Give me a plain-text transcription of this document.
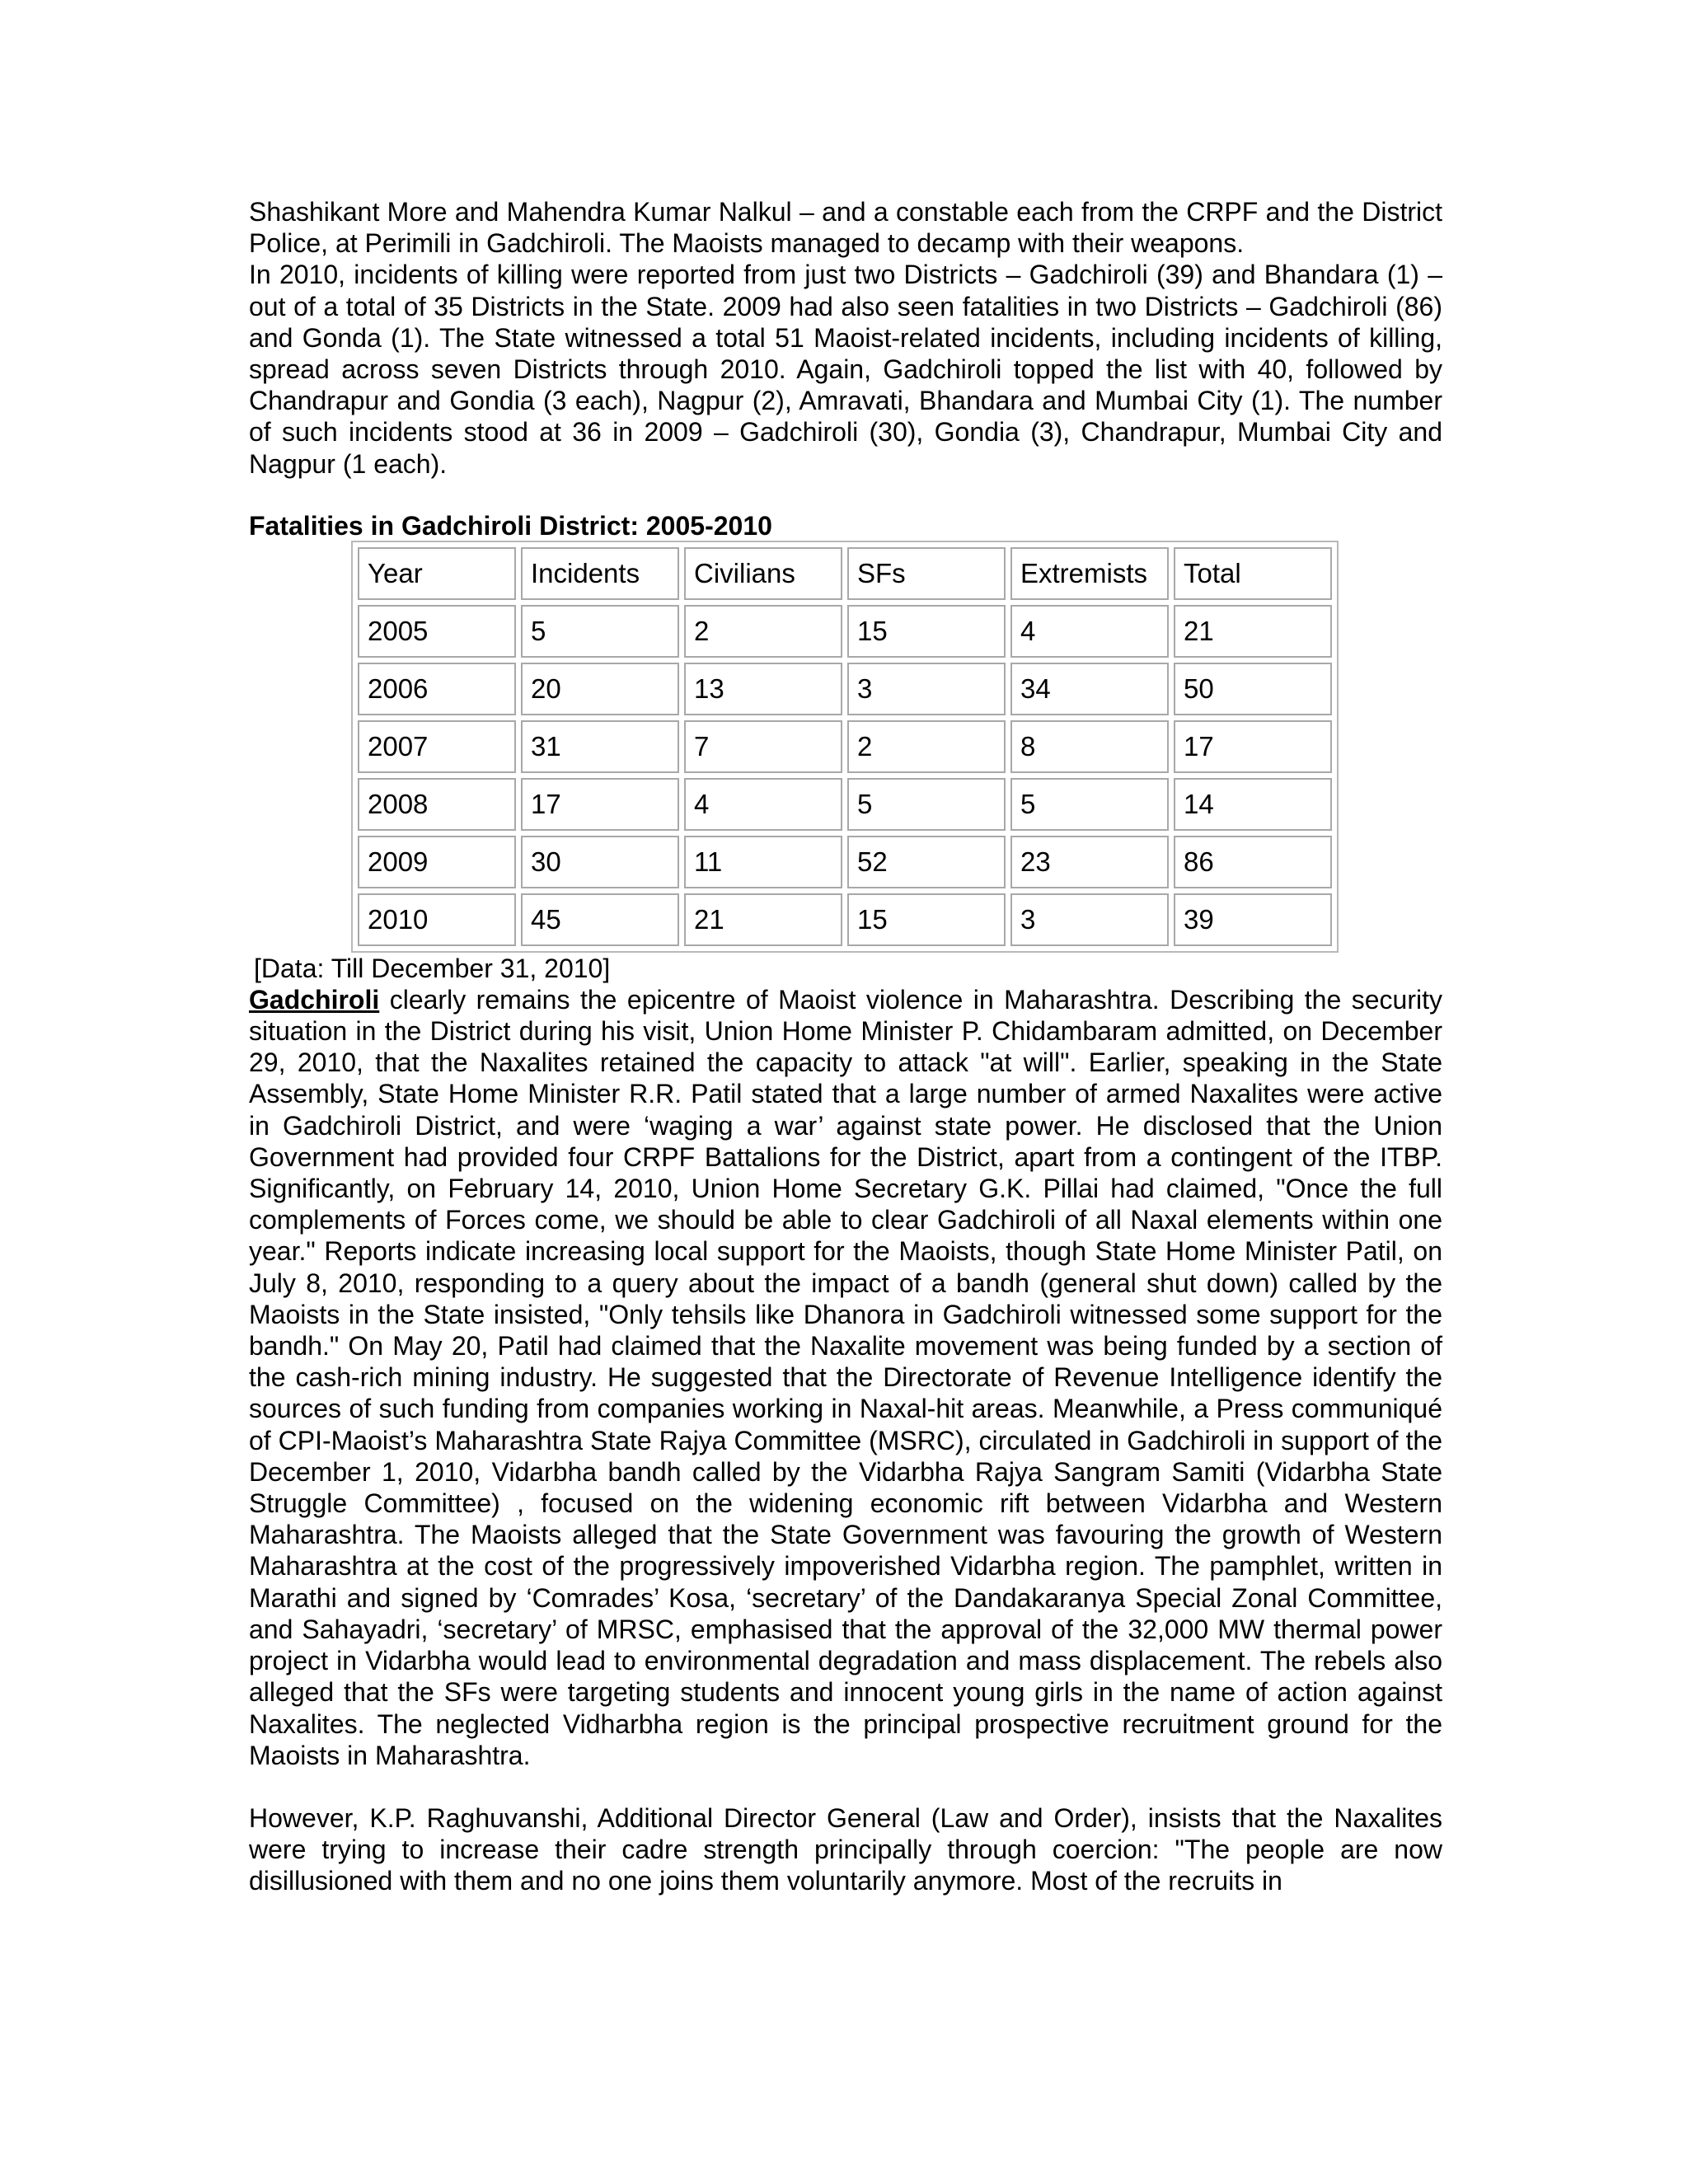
Shashikant More and Mahendra Kumar Nalkul – and a constable each from the CRPF and the District Police, at Perimili in Gadchiroli. The Maoists managed to decamp with their weapons.

In 2010, incidents of killing were reported from just two Districts – Gadchiroli (39) and Bhandara (1) – out of a total of 35 Districts in the State. 2009 had also seen fatalities in two Districts – Gadchiroli (86) and Gonda (1). The State witnessed a total 51 Maoist-related incidents, including incidents of killing, spread across seven Districts through 2010. Again, Gadchiroli topped the list with 40, followed by Chandrapur and Gondia (3 each), Nagpur (2), Amravati, Bhandara and Mumbai City (1). The number of such incidents stood at 36 in 2009 – Gadchiroli (30), Gondia (3), Chandrapur, Mumbai City and Nagpur (1 each).

Fatalities in Gadchiroli District: 2005-2010

Year	Incidents	Civilians	SFs	Extremists	Total
2005	5	2	15	4	21
2006	20	13	3	34	50
2007	31	7	2	8	17
2008	17	4	5	5	14
2009	30	11	52	23	86
2010	45	21	15	3	39

[Data: Till December 31, 2010]

Gadchiroli clearly remains the epicentre of Maoist violence in Maharashtra. Describing the security situation in the District during his visit, Union Home Minister P. Chidambaram admitted, on December 29, 2010, that the Naxalites retained the capacity to attack "at will". Earlier, speaking in the State Assembly, State Home Minister R.R. Patil stated that a large number of armed Naxalites were active in Gadchiroli District, and were ‘waging a war’ against state power. He disclosed that the Union Government had provided four CRPF Battalions for the District, apart from a contingent of the ITBP. Significantly, on February 14, 2010, Union Home Secretary G.K. Pillai had claimed, "Once the full complements of Forces come, we should be able to clear Gadchiroli of all Naxal elements within one year." Reports indicate increasing local support for the Maoists, though State Home Minister Patil, on July 8, 2010, responding to a query about the impact of a bandh (general shut down) called by the Maoists in the State insisted, "Only tehsils like Dhanora in Gadchiroli witnessed some support for the bandh." On May 20, Patil had claimed that the Naxalite movement was being funded by a section of the cash-rich mining industry. He suggested that the Directorate of Revenue Intelligence identify the sources of such funding from companies working in Naxal-hit areas. Meanwhile, a Press communiqué of CPI-Maoist’s Maharashtra State Rajya Committee (MSRC), circulated in Gadchiroli in support of the December 1, 2010, Vidarbha bandh called by the Vidarbha Rajya Sangram Samiti (Vidarbha State Struggle Committee) , focused on the widening economic rift between Vidarbha and Western Maharashtra. The Maoists alleged that the State Government was favouring the growth of Western Maharashtra at the cost of the progressively impoverished Vidarbha region. The pamphlet, written in Marathi and signed by ‘Comrades’ Kosa, ‘secretary’ of the Dandakaranya Special Zonal Committee, and Sahayadri, ‘secretary’ of MRSC, emphasised that the approval of the 32,000 MW thermal power project in Vidarbha would lead to environmental degradation and mass displacement. The rebels also alleged that the SFs were targeting students and innocent young girls in the name of action against Naxalites. The neglected Vidharbha region is the principal prospective recruitment ground for the Maoists in Maharashtra.

However, K.P. Raghuvanshi, Additional Director General (Law and Order), insists that the Naxalites were trying to increase their cadre strength principally through coercion: "The people are now disillusioned with them and no one joins them voluntarily anymore. Most of the recruits in
